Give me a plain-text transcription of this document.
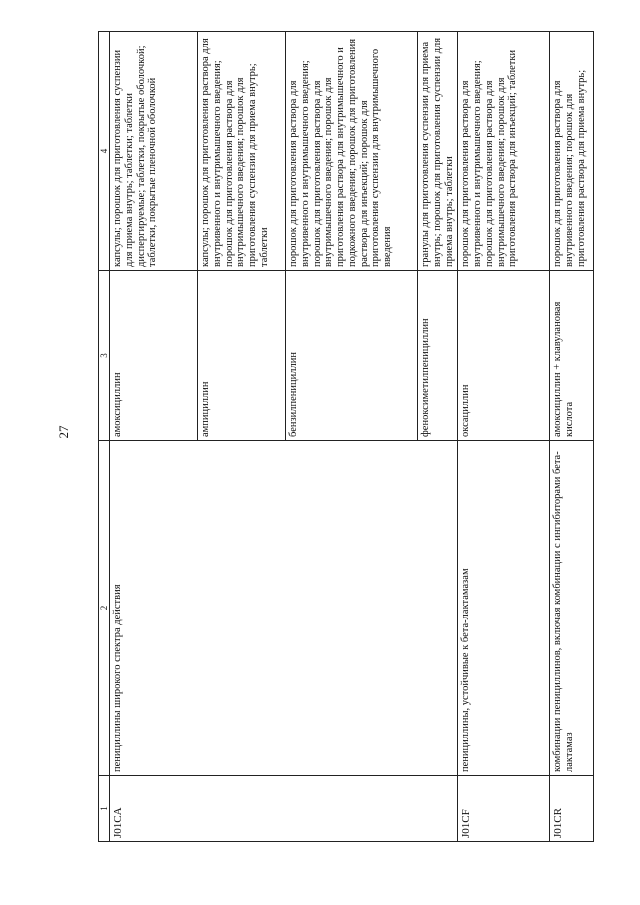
27
1	2	3	4
J01CA	пенициллины широкого спектра действия	амоксициллин	капсулы; порошок для приготовления суспензии для приема внутрь; таблетки; таблетки диспергируемые; таблетки, покрытые оболочкой; таблетки, покрытые пленочной оболочкой
		ампициллин	капсулы; порошок для приготовления раствора для внутривенного и внутримышечного введения; порошок для приготовления раствора для внутримышечного введения; порошок для приготовления суспензии для приема внутрь; таблетки
		бензилпенициллин	порошок для приготовления раствора для внутривенного и внутримышечного введения; порошок для приготовления раствора для внутримышечного введения; порошок для приготовления раствора для внутримышечного и подкожного введения; порошок для приготовления раствора для инъекций; порошок для приготовления суспензии для внутримышечного введения
		феноксиметилпенициллин	гранулы для приготовления суспензии для приема внутрь; порошок для приготовления суспензии для приема внутрь; таблетки
J01CF	пенициллины, устойчивые к бета-лактамазам	оксациллин	порошок для приготовления раствора для внутривенного и внутримышечного введения; порошок для приготовления раствора для внутримышечного введения; порошок для приготовления раствора для инъекций; таблетки
J01CR	комбинации пенициллинов, включая комбинации с ингибиторами бета-лактамаз	амоксициллин + клавулановая кислота	порошок для приготовления раствора для внутривенного введения; порошок для приготовления раствора для приема внутрь;
